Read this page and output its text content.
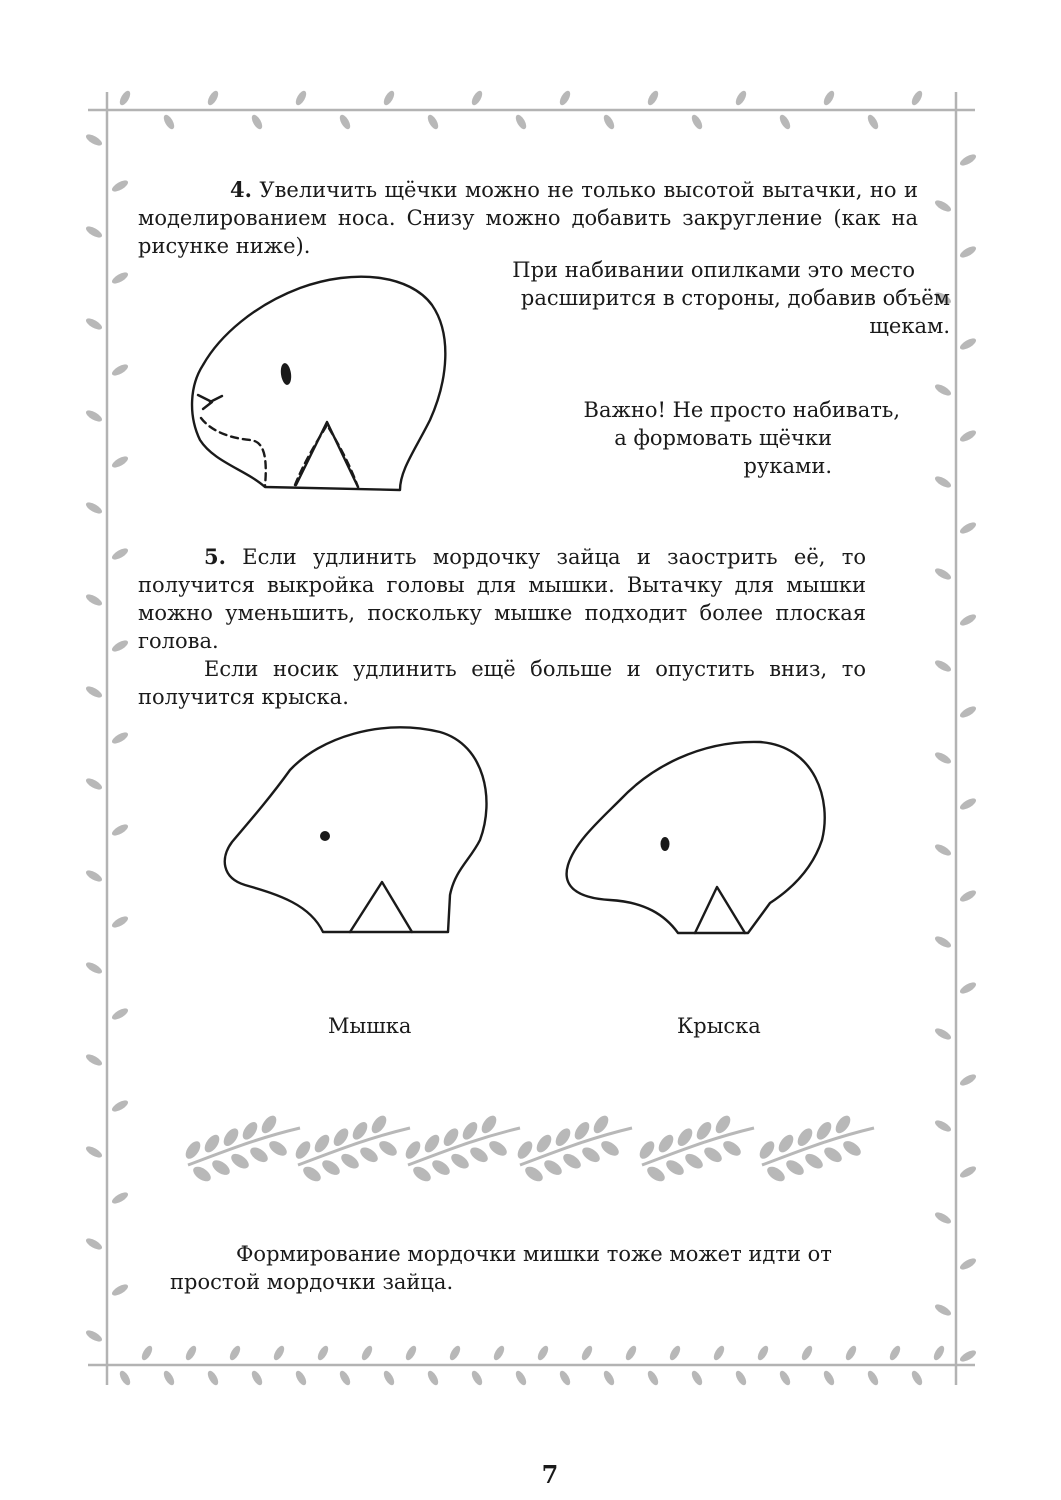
4. Увеличить щёчки можно не только высотой вытачки, но и моделированием носа. Снизу можно добавить закругление (как на рисунке ниже).
При набивании опилками это место
расширится в стороны, добавив объём щекам.
Важно! Не просто набивать,
а формовать щёчки руками.

5. Если удлинить мордочку зайца и заострить её, то получится выкройка головы для мышки. Вытачку для мышки можно уменьшить, поскольку мышке подходит более плоская голова.

Если носик удлинить ещё больше и опустить вниз, то получится крыска.

Мышка	Крыска
Формирование мордочки мишки тоже может идти от простой мордочки зайца.
7
